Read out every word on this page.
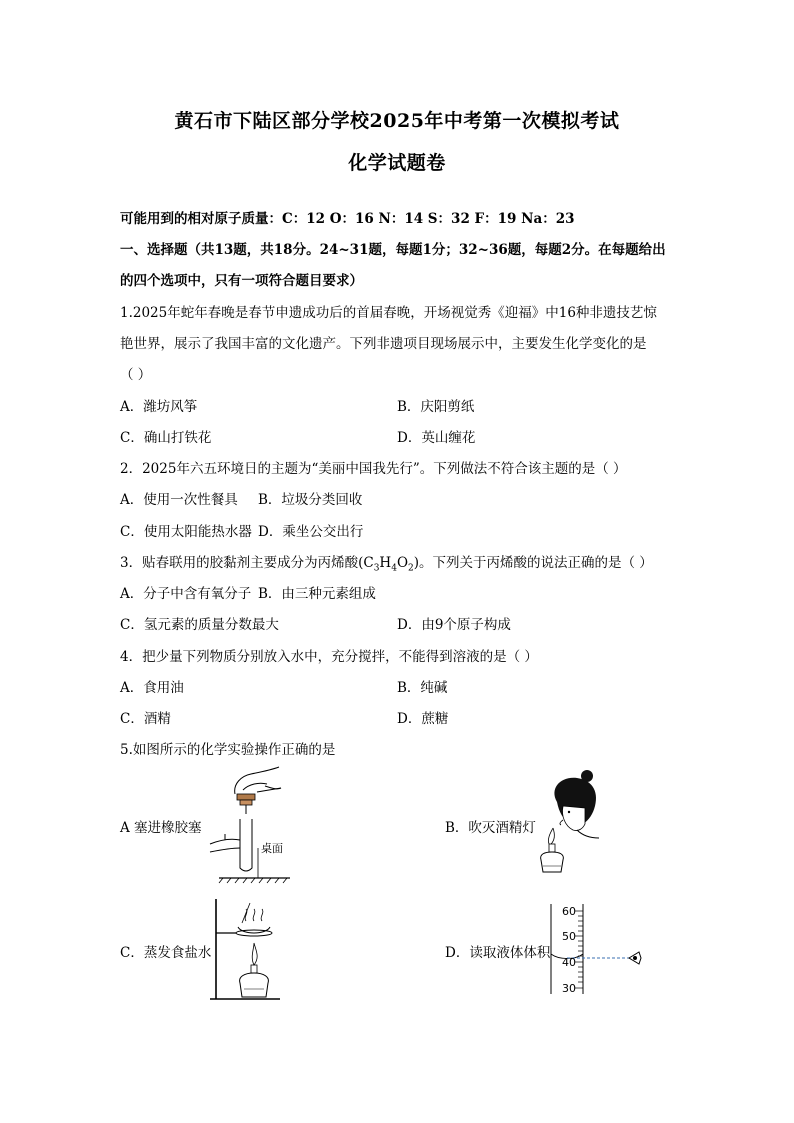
黄石市下陆区部分学校2025年中考第一次模拟考试
化学试题卷
可能用到的相对原子质量：C：12 O：16 N：14 S：32 F：19 Na：23
一、选择题（共13题，共18分。24~31题，每题1分；32~36题，每题2分。在每题给出
的四个选项中，只有一项符合题目要求）
1.2025年蛇年春晚是春节申遗成功后的首届春晚，开场视觉秀《迎福》中16种非遗技艺惊
艳世界，展示了我国丰富的文化遗产。下列非遗项目现场展示中，主要发生化学变化的是
（ ）
A．潍坊风筝	B．庆阳剪纸
C．确山打铁花	D．英山缠花
2．2025年六五环境日的主题为“美丽中国我先行”。下列做法不符合该主题的是（ ）
A．使用一次性餐具 B．垃圾分类回收
C．使用太阳能热水器 D．乘坐公交出行
3．贴春联用的胶黏剂主要成分为丙烯酸$(C_3H_4O_2)$。下列关于丙烯酸的说法正确的是（ ）
A．分子中含有氧分子 B．由三种元素组成
C．氢元素的质量分数最大	D．由9个原子构成
4．把少量下列物质分别放入水中，充分搅拌，不能得到溶液的是（ ）
A．食用油	B．纯碱
C．酒精	D．蔗糖
5.如图所示的化学实验操作正确的是
A 塞进橡胶塞
桌面
B．吹灭酒精灯
C．蒸发食盐水	D．读取液体体积
60
50
40
30
